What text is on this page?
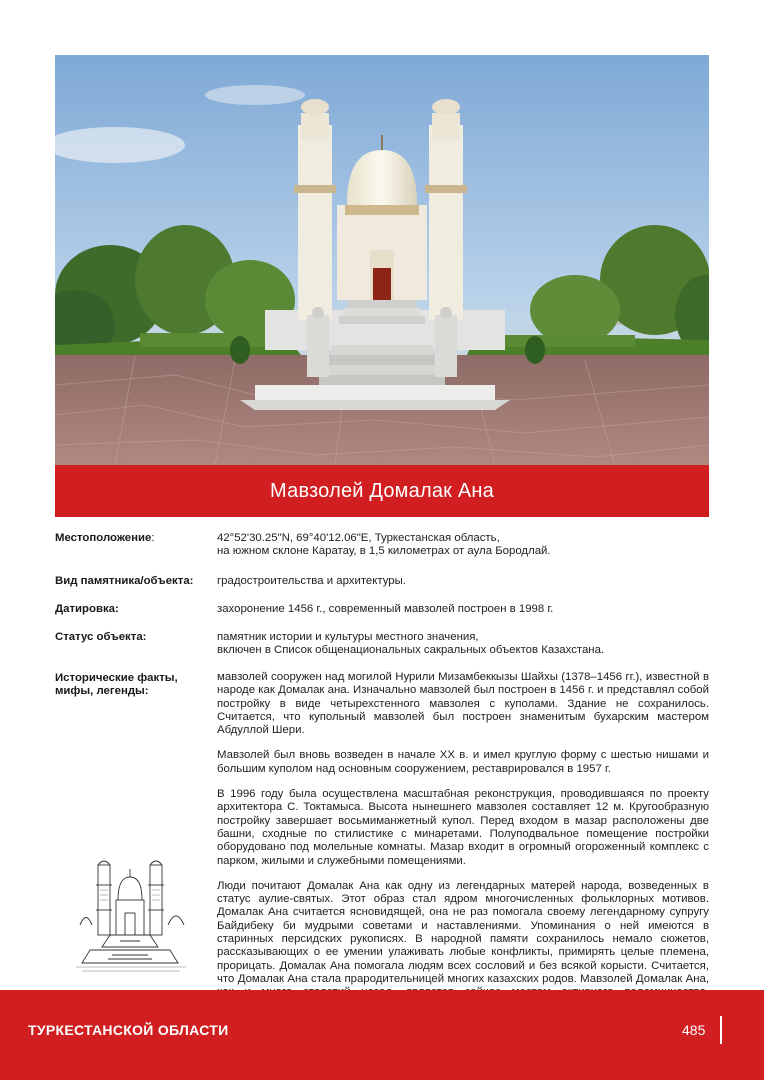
Мавзолей Домалак Ана
Местоположение:	42°52'30.25"N, 69°40'12.06"E, Туркестанская область,
на южном склоне Каратау, в 1,5 километрах от аула Бородлай.
Вид памятника/объекта:	градостроительства и архитектуры.
Датировка:	захоронение 1456 г., современный мавзолей построен в 1998 г.
Статус объекта:	памятник истории и культуры местного значения,
включен в Список общенациональных сакральных объектов Казахстана.
Исторические факты, мифы, легенды:

мавзолей сооружен над могилой Нурили Мизамбеккызы Шайхы (1378–1456 гг.), известной в народе как Домалак ана. Изначально мавзолей был построен в 1456 г. и представлял собой постройку в виде четырехстенного мавзолея с куполами. Здание не сохранилось. Считается, что купольный мавзолей был построен знаменитым бухарским мастером Абдуллой Шери.

Мавзолей был вновь возведен в начале XX в. и имел круглую форму с шестью нишами и большим куполом над основным сооружением, реставрировался в 1957 г.

В 1996 году была осуществлена масштабная реконструкция, проводившаяся по проекту архитектора С. Токтамыса. Высота нынешнего мавзолея составляет 12 м. Кругообразную постройку завершает восьмиманжетный купол. Перед входом в мазар расположены две башни, сходные по стилистике с минаретами. Полуподвальное помещение постройки оборудовано под молельные комнаты. Мазар входит в огромный огороженный комплекс с парком, жилыми и служебными помещениями.

Люди почитают Домалак Ана как одну из легендарных матерей народа, возведенных в статус аулие-святых. Этот образ стал ядром многочисленных фольклорных мотивов. Домалак Ана считается ясновидящей, она не раз помогала своему легендарному супругу Байдибеку би мудрыми советами и наставлениями. Упоминания о ней имеются в старинных персидских рукописях. В народной памяти сохранилось немало сюжетов, рассказывающих о ее умении улаживать любые конфликты, примирять целые племена, прорицать. Домалак Ана помогала людям всех сословий и без всякой корысти. Считается, что Домалак Ана стала прародительницей многих казахских родов. Мавзолей Домалак Ана,

ТУРКЕСТАНСКОЙ ОБЛАСТИ	485
